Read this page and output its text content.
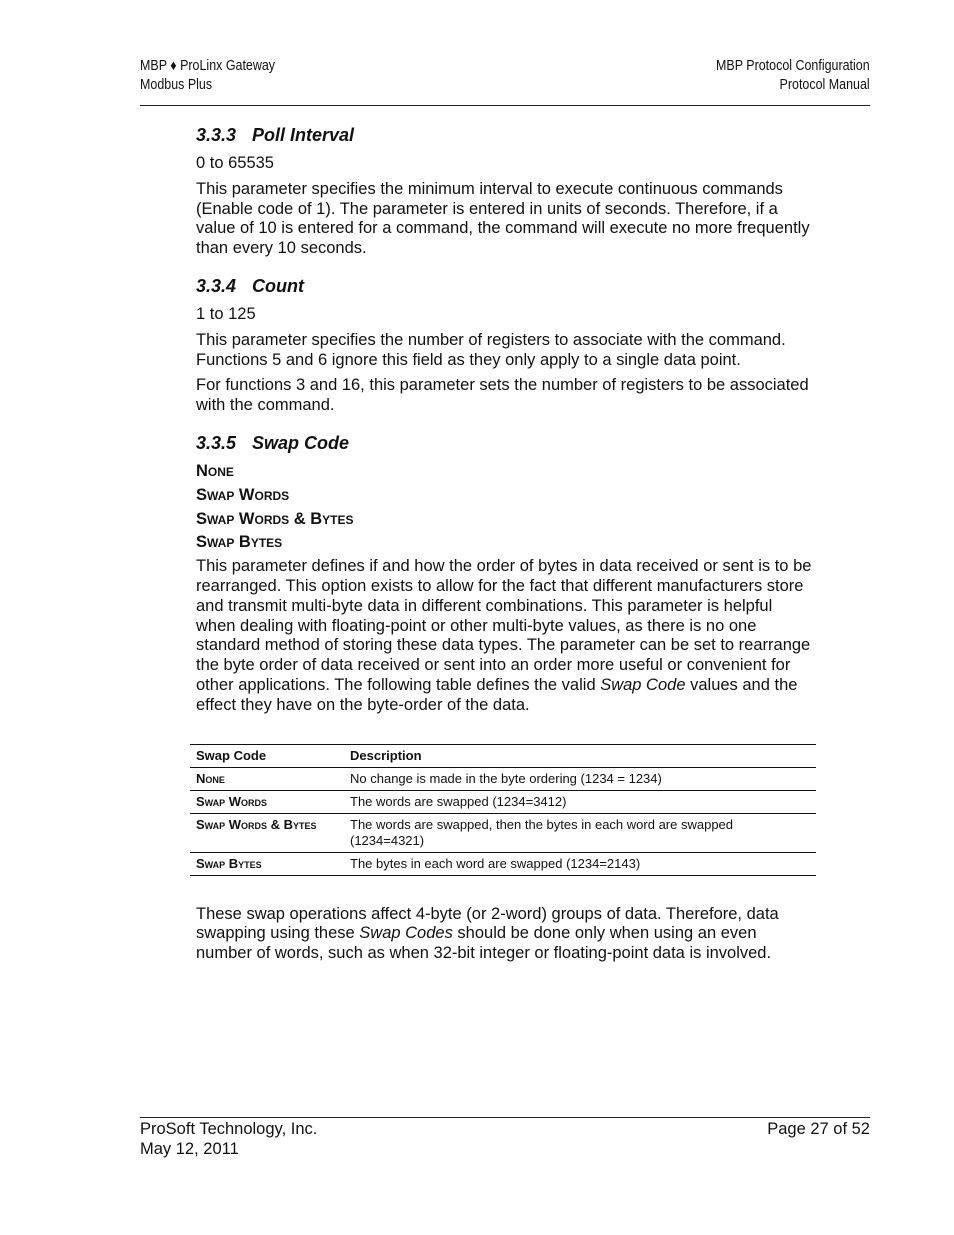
MBP ♦ ProLinx Gateway
Modbus Plus
MBP Protocol Configuration
Protocol Manual
3.3.3 Poll Interval

0 to 65535

This parameter specifies the minimum interval to execute continuous commands (Enable code of 1). The parameter is entered in units of seconds. Therefore, if a value of 10 is entered for a command, the command will execute no more frequently than every 10 seconds.

3.3.4 Count

1 to 125

This parameter specifies the number of registers to associate with the command. Functions 5 and 6 ignore this field as they only apply to a single data point.

For functions 3 and 16, this parameter sets the number of registers to be associated with the command.

3.3.5 Swap Code

None

Swap Words

Swap Words & Bytes

Swap Bytes

This parameter defines if and how the order of bytes in data received or sent is to be rearranged. This option exists to allow for the fact that different manufacturers store and transmit multi-byte data in different combinations. This parameter is helpful when dealing with floating-point or other multi-byte values, as there is no one standard method of storing these data types. The parameter can be set to rearrange the byte order of data received or sent into an order more useful or convenient for other applications. The following table defines the valid Swap Code values and the effect they have on the byte-order of the data.

Swap Code	Description
None	No change is made in the byte ordering (1234 = 1234)
Swap Words	The words are swapped (1234=3412)
Swap Words & Bytes	The words are swapped, then the bytes in each word are swapped (1234=4321)
Swap Bytes	The bytes in each word are swapped (1234=2143)

These swap operations affect 4-byte (or 2-word) groups of data. Therefore, data swapping using these Swap Codes should be done only when using an even number of words, such as when 32-bit integer or floating-point data is involved.

ProSoft Technology, Inc.
May 12, 2011
Page 27 of 52
